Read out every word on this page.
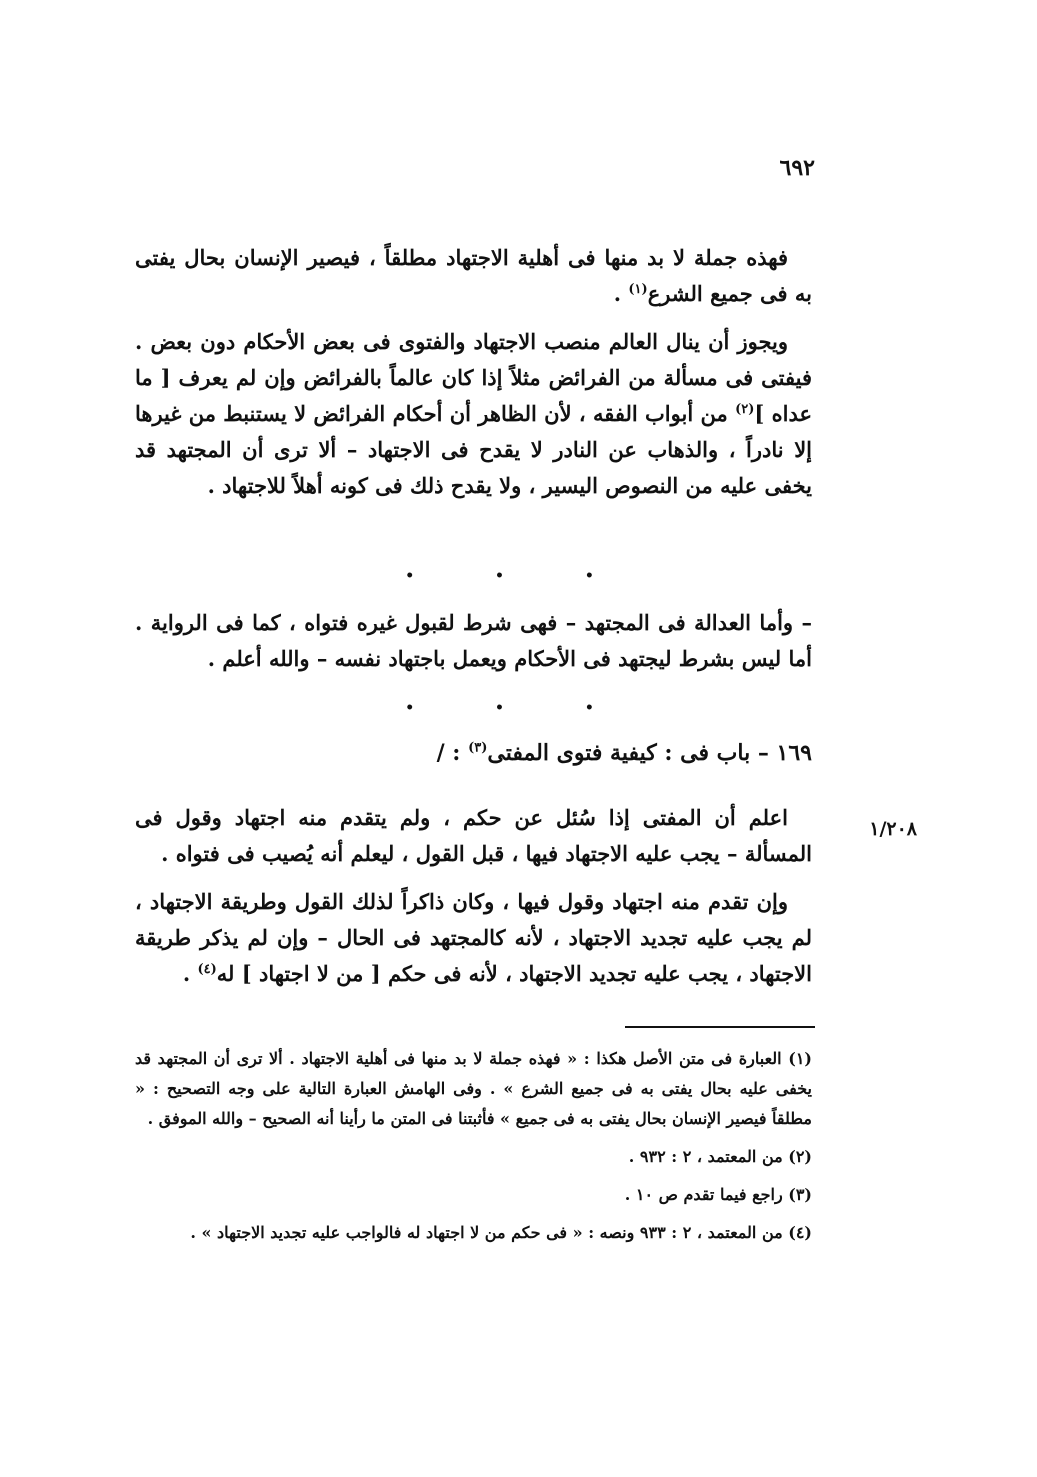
٦٩٢

فهذه جملة لا بد منها فى أهلية الاجتهاد مطلقاً ، فيصير الإنسان بحال يفتى به فى جميع الشرع$^{(١)}$ .

ويجوز أن ينال العالم منصب الاجتهاد والفتوى فى بعض الأحكام دون بعض . فيفتى فى مسألة من الفرائض مثلاً إذا كان عالماً بالفرائض وإن لم يعرف [ ما عداه ]$^{(٢)}$ من أبواب الفقه ، لأن الظاهر أن أحكام الفرائض لا يستنبط من غيرها إلا نادراً ، والذهاب عن النادر لا يقدح فى الاجتهاد – ألا ترى أن المجتهد قد يخفى عليه من النصوص اليسير ، ولا يقدح ذلك فى كونه أهلاً للاجتهاد .

• • •

– وأما العدالة فى المجتهد – فهى شرط لقبول غيره فتواه ، كما فى الرواية . أما ليس بشرط ليجتهد فى الأحكام ويعمل باجتهاد نفسه – والله أعلم .

• • •
١٦٩ – باب فى : كيفية فتوى المفتى$^{(٣)}$ : /
١/٢٠٨

اعلم أن المفتى إذا سُئل عن حكم ، ولم يتقدم منه اجتهاد وقول فى المسألة – يجب عليه الاجتهاد فيها ، قبل القول ، ليعلم أنه يُصيب فى فتواه .

وإن تقدم منه اجتهاد وقول فيها ، وكان ذاكراً لذلك القول وطريقة الاجتهاد ، لم يجب عليه تجديد الاجتهاد ، لأنه كالمجتهد فى الحال – وإن لم يذكر طريقة الاجتهاد ، يجب عليه تجديد الاجتهاد ، لأنه فى حكم [ من لا اجتهاد ] له$^{(٤)}$ .

(١) العبارة فى متن الأصل هكذا : « فهذه جملة لا بد منها فى أهلية الاجتهاد . ألا ترى أن المجتهد قد يخفى عليه بحال يفتى به فى جميع الشرع » . وفى الهامش العبارة التالية على وجه التصحيح : « مطلقاً فيصير الإنسان بحال يفتى به فى جميع » فأثبتنا فى المتن ما رأينا أنه الصحيح – والله الموفق .

(٢) من المعتمد ، ٢ : ٩٣٢ .

(٣) راجع فيما تقدم ص ١٠ .

(٤) من المعتمد ، ٢ : ٩٣٣ ونصه : « فى حكم من لا اجتهاد له فالواجب عليه تجديد الاجتهاد » .
